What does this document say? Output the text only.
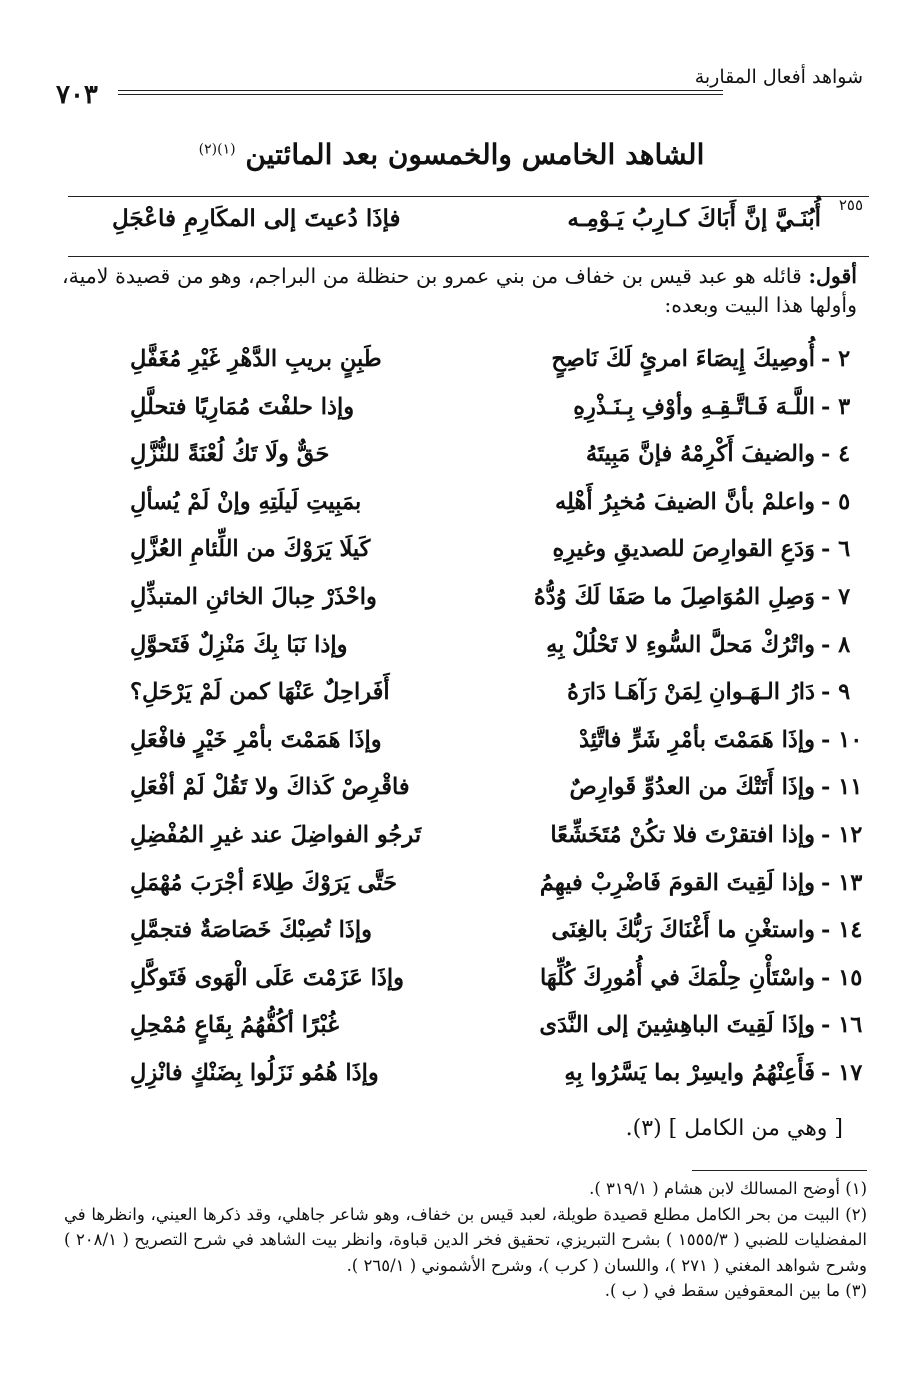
شواهد أفعال المقاربة
٧٠٣
الشاهد الخامس والخمسون بعد المائتين $^{(١)(٢)}$
٢٥٥
أُبُنَـيَّ إنَّ أَبَاكَ كـارِبُ يَـوْمِـه
فإذَا دُعيتَ إلى المكَارِمِ فاعْجَلِ
أقول: قائله هو عبد قيس بن خفاف من بني عمرو بن حنظلة من البراجم، وهو من قصيدة لامية، وأولها هذا البيت وبعده:
٢ -
أُوصِيكَ إِيصَاءَ امرئٍ لَكَ نَاصِحٍ
طَبِنٍ بريبِ الدَّهْرِ غَيْرِ مُغَفَّلِ
٣ -
اللَّـهَ فَـاتَّـقِـهِ وأوْفِ بِـنَـذْرِهِ
وإذا حلفْتَ مُمَارِيًا فتحلَّلِ
٤ -
والضيفَ أَكْرِمْهُ فإنَّ مَبِيتَهُ
حَقٌّ ولَا تَكُ لُعْنَةً للنُّزَّلِ
٥ -
واعلمْ بأنَّ الضيفَ مُخبِرُ أَهْلِه
بمَبِيتِ لَيلَتِهِ وإنْ لَمْ يُسألِ
٦ -
وَدَعِ القوارِصَ للصديقِ وغيرِهِ
كَيلَا يَرَوْكَ من اللِّئامِ العُزَّلِ
٧ -
وَصِلِ المُوَاصِلَ ما صَفَا لَكَ وُدُّهُ
واحْذَرْ حِبالَ الخائنِ المتبذِّلِ
٨ -
واتْرُكْ مَحلَّ السُّوءِ لا تَحْلُلْ بِهِ
وإذا نَبَا بِكَ مَنْزِلٌ فَتَحوَّلِ
٩ -
دَارُ الـهَـوانِ لِمَنْ رَآهَـا دَارَهُ
أَفَراحِلٌ عَنْهَا كمن لَمْ يَرْحَلِ؟
١٠ -
وإذَا هَمَمْتَ بأمْرِ شَرٍّ فاتَّئِدْ
وإذَا هَمَمْتَ بأمْرِ خَيْرٍ فافْعَلِ
١١ -
وإذَا أَتَتْكَ من العدُوِّ قَوارِصٌ
فاقْرِصْ كَذاكَ ولا تَقُلْ لَمْ أفْعَلِ
١٢ -
وإذا افتقرْتَ فلا تكُنْ مُتَخَشِّعًا
تَرجُو الفواضِلَ عند غيرِ المُفْضِلِ
١٣ -
وإذا لَقِيتَ القومَ فَاضْرِبْ فيهِمُ
حَتَّى يَرَوْكَ طِلاءَ أجْرَبَ مُهْمَلِ
١٤ -
واستغْنِ ما أَغْنَاكَ رَبُّكَ بالغِنَى
وإذَا تُصِبْكَ خَصَاصَةٌ فتجمَّلِ
١٥ -
واسْتَأْنِ حِلْمَكَ في أُمُورِكَ كُلِّهَا
وإذَا عَزَمْتَ عَلَى الْهَوى فَتَوكَّلِ
١٦ -
وإذَا لَقِيتَ الباهِشِينَ إلى النَّدَى
غُبْرًا أكُفُّهُمُ بِقَاعٍ مُمْحِلِ
١٧ -
فَأَعِنْهُمُ وايسِرْ بما يَسَّرُوا بِهِ
وإذَا هُمُو نَزَلُوا بِضَنْكٍ فانْزِلِ
[ وهي من الكامل ] (٣).

(١) أوضح المسالك لابن هشام ( ٣١٩/١ ).

(٢) البيت من بحر الكامل مطلع قصيدة طويلة، لعبد قيس بن خفاف، وهو شاعر جاهلي، وقد ذكرها العيني، وانظرها في المفضليات للضبي ( ١٥٥٥/٣ ) بشرح التبريزي، تحقيق فخر الدين قباوة، وانظر بيت الشاهد في شرح التصريح ( ٢٠٨/١ ) وشرح شواهد المغني ( ٢٧١ )، واللسان ( كرب )، وشرح الأشموني ( ٢٦٥/١ ).

(٣) ما بين المعقوفين سقط في ( ب ).
